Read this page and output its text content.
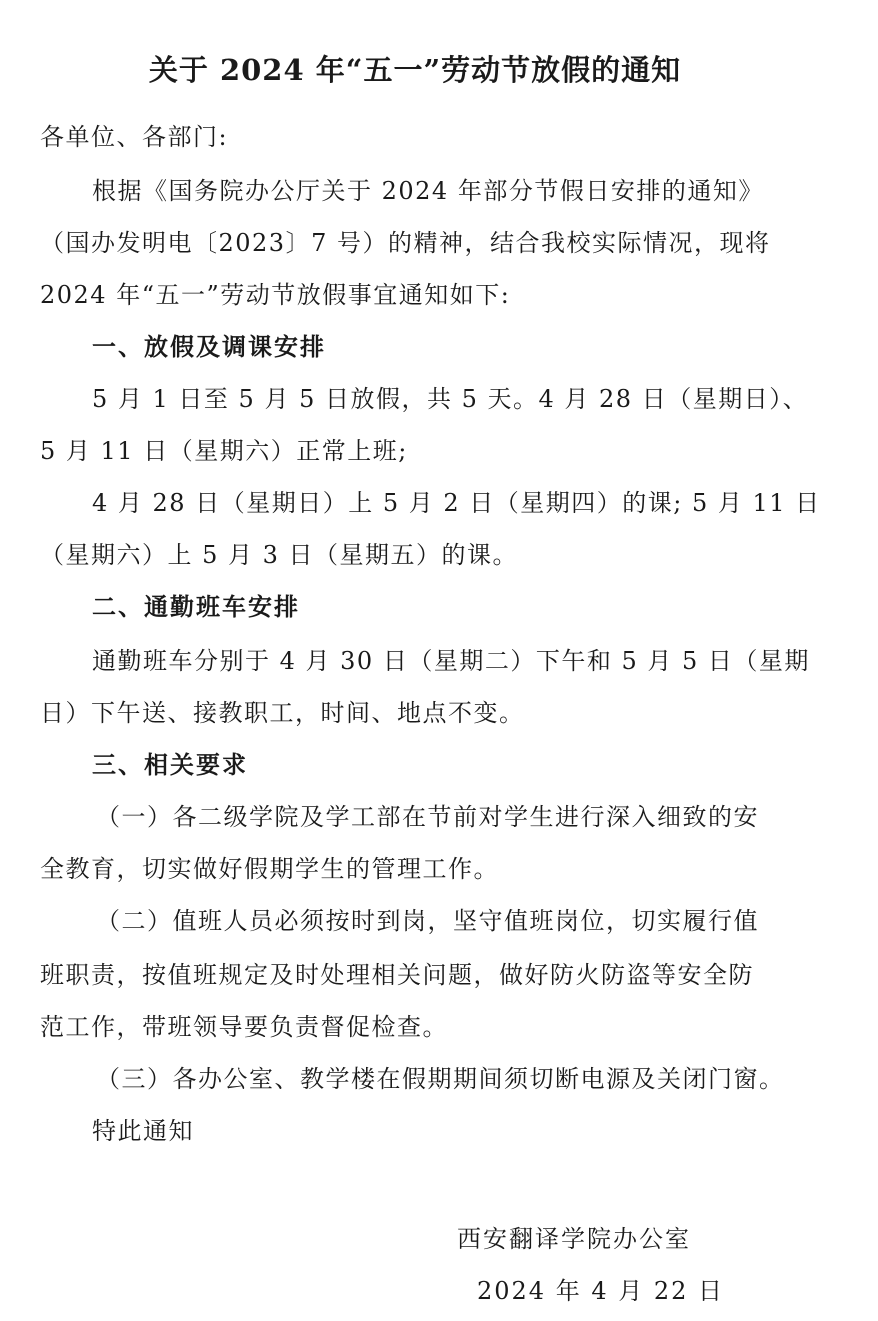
关于 2024 年“五一”劳动节放假的通知
各单位、各部门:
根据《国务院办公厅关于 2024 年部分节假日安排的通知》
（国办发明电〔2023〕7 号）的精神，结合我校实际情况，现将
2024 年“五一”劳动节放假事宜通知如下:
一、放假及调课安排
5 月 1 日至 5 月 5 日放假，共 5 天。4 月 28 日（星期日）、
5 月 11 日（星期六）正常上班;
4 月 28 日（星期日）上 5 月 2 日（星期四）的课; 5 月 11 日
（星期六）上 5 月 3 日（星期五）的课。
二、通勤班车安排
通勤班车分别于 4 月 30 日（星期二）下午和 5 月 5 日（星期
日）下午送、接教职工，时间、地点不变。
三、相关要求
（一）各二级学院及学工部在节前对学生进行深入细致的安
全教育，切实做好假期学生的管理工作。
（二）值班人员必须按时到岗，坚守值班岗位，切实履行值
班职责，按值班规定及时处理相关问题，做好防火防盗等安全防
范工作，带班领导要负责督促检查。
（三）各办公室、教学楼在假期期间须切断电源及关闭门窗。
特此通知
西安翻译学院办公室
2024 年 4 月 22 日
